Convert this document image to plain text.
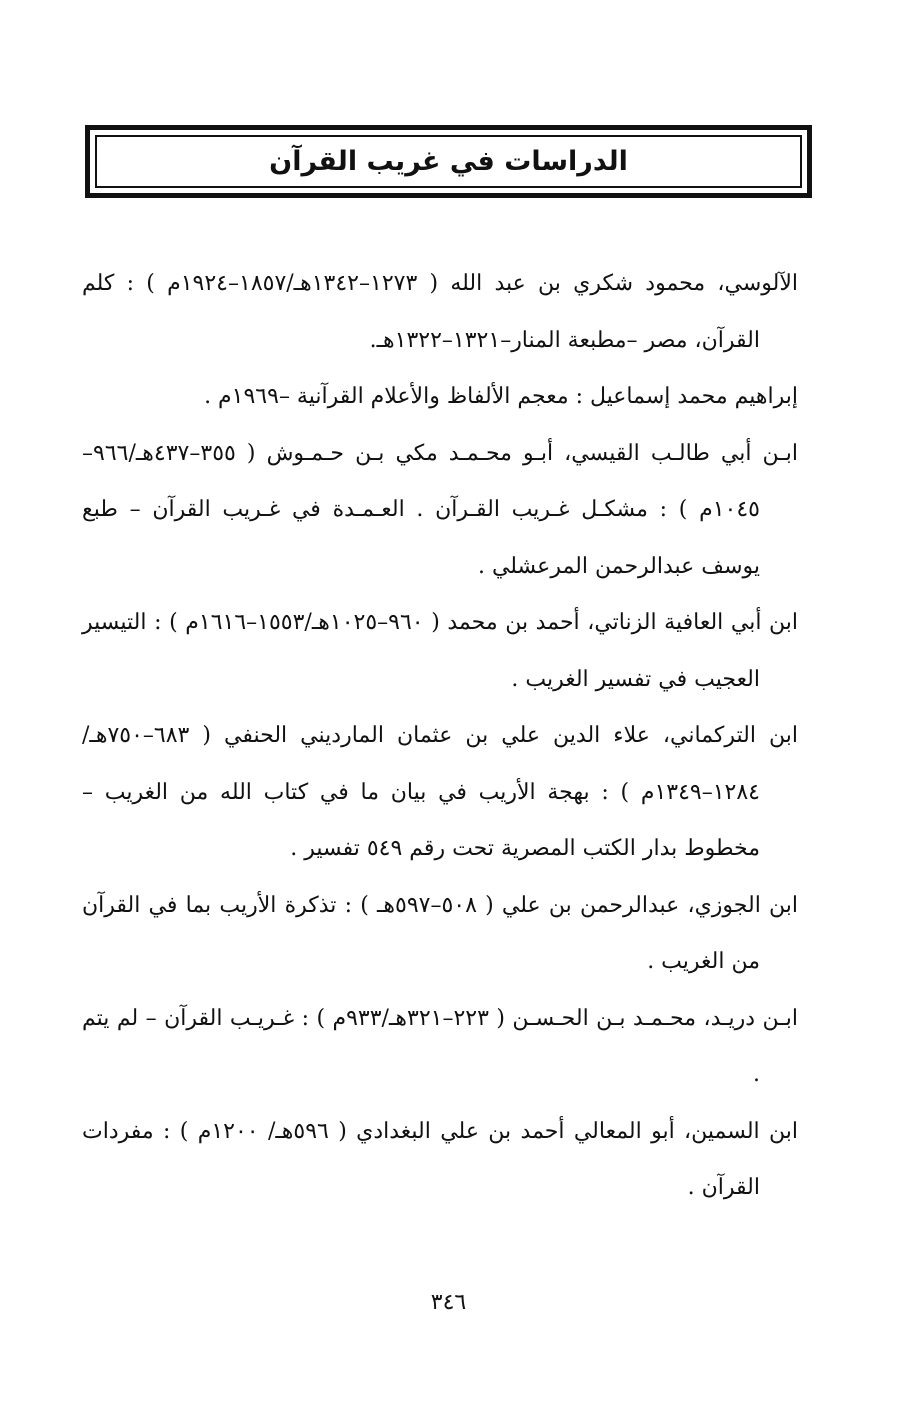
الدراسات في غريب القرآن

الآلوسي، محمود شكري بن عبد الله ( ١٢٧٣–١٣٤٢هـ/١٨٥٧–١٩٢٤م ) : كلم القرآن، مصر –مطبعة المنار–١٣٢١–١٣٢٢هـ.

إبراهيم محمد إسماعيل : معجم الألفاظ والأعلام القرآنية –١٩٦٩م .

ابـن أبي طالـب القيسي، أبـو محـمـد مكي بـن حـمـوش ( ٣٥٥–٤٣٧هـ/٩٦٦–١٠٤٥م ) : مشكـل غـريب القـرآن . العـمـدة في غـريب القرآن – طبع يوسف عبدالرحمن المرعشلي .

ابن أبي العافية الزناتي، أحمد بن محمد ( ٩٦٠–١٠٢٥هـ/١٥٥٣–١٦١٦م ) : التيسير العجيب في تفسير الغريب .

ابن التركماني، علاء الدين علي بن عثمان المارديني الحنفي ( ٦٨٣–٧٥٠هـ/ ١٢٨٤–١٣٤٩م ) : بهجة الأريب في بيان ما في كتاب الله من الغريب – مخطوط بدار الكتب المصرية تحت رقم ٥٤٩ تفسير .

ابن الجوزي، عبدالرحمن بن علي ( ٥٠٨–٥٩٧هـ ) : تذكرة الأريب بما في القرآن من الغريب .

ابـن دريـد، محـمـد بـن الحـسـن ( ٢٢٣–٣٢١هـ/٩٣٣م ) : غـريـب القرآن – لم يتم .

ابن السمين، أبو المعالي أحمد بن علي البغدادي ( ٥٩٦هـ/ ١٢٠٠م ) : مفردات القرآن .

٣٤٦
